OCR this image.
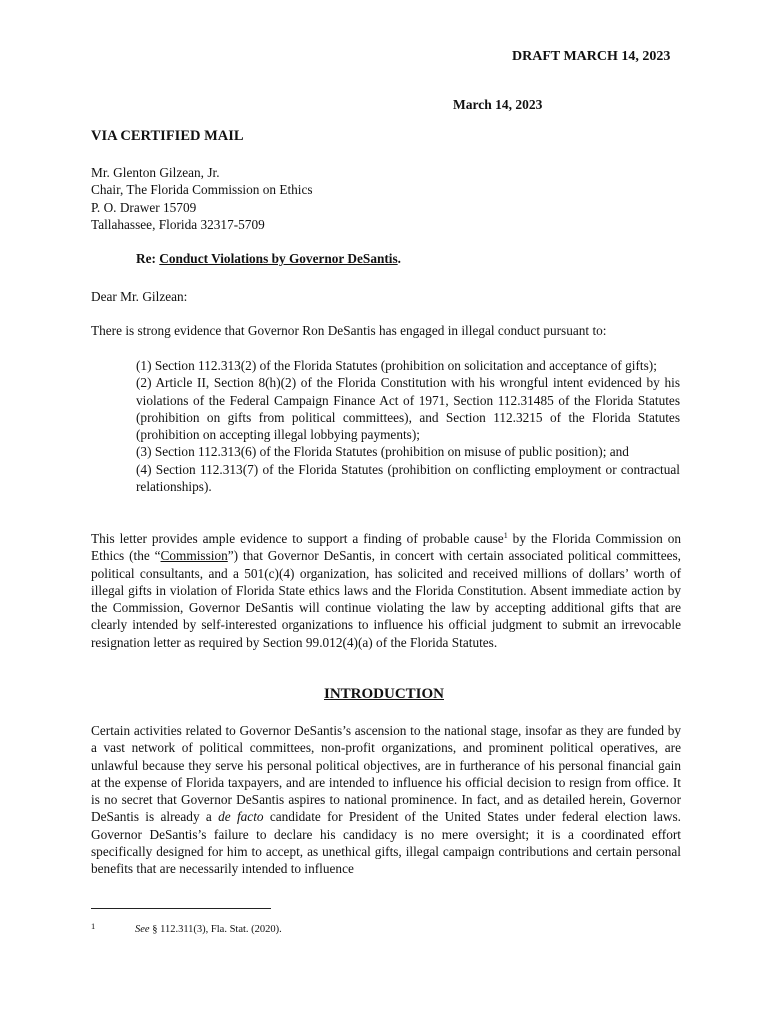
DRAFT MARCH 14, 2023
March 14, 2023
VIA CERTIFIED MAIL
Mr. Glenton Gilzean, Jr.
Chair, The Florida Commission on Ethics
P. O. Drawer 15709
Tallahassee, Florida 32317-5709
Re: Conduct Violations by Governor DeSantis.
Dear Mr. Gilzean:
There is strong evidence that Governor Ron DeSantis has engaged in illegal conduct pursuant to:
(1) Section 112.313(2) of the Florida Statutes (prohibition on solicitation and acceptance of gifts);
(2) Article II, Section 8(h)(2) of the Florida Constitution with his wrongful intent evidenced by his violations of the Federal Campaign Finance Act of 1971, Section 112.31485 of the Florida Statutes (prohibition on gifts from political committees), and Section 112.3215 of the Florida Statutes (prohibition on accepting illegal lobbying payments);
(3) Section 112.313(6) of the Florida Statutes (prohibition on misuse of public position); and
(4) Section 112.313(7) of the Florida Statutes (prohibition on conflicting employment or contractual relationships).
This letter provides ample evidence to support a finding of probable cause$^1$ by the Florida Commission on Ethics (the “Commission”) that Governor DeSantis, in concert with certain associated political committees, political consultants, and a 501(c)(4) organization, has solicited and received millions of dollars’ worth of illegal gifts in violation of Florida State ethics laws and the Florida Constitution. Absent immediate action by the Commission, Governor DeSantis will continue violating the law by accepting additional gifts that are clearly intended by self-interested organizations to influence his official judgment to submit an irrevocable resignation letter as required by Section 99.012(4)(a) of the Florida Statutes.
INTRODUCTION
Certain activities related to Governor DeSantis’s ascension to the national stage, insofar as they are funded by a vast network of political committees, non-profit organizations, and prominent political operatives, are unlawful because they serve his personal political objectives, are in furtherance of his personal financial gain at the expense of Florida taxpayers, and are intended to influence his official decision to resign from office. It is no secret that Governor DeSantis aspires to national prominence. In fact, and as detailed herein, Governor DeSantis is already a de facto candidate for President of the United States under federal election laws. Governor DeSantis’s failure to declare his candidacy is no mere oversight; it is a coordinated effort specifically designed for him to accept, as unethical gifts, illegal campaign contributions and certain personal benefits that are necessarily intended to influence
1	See § 112.311(3), Fla. Stat. (2020).
